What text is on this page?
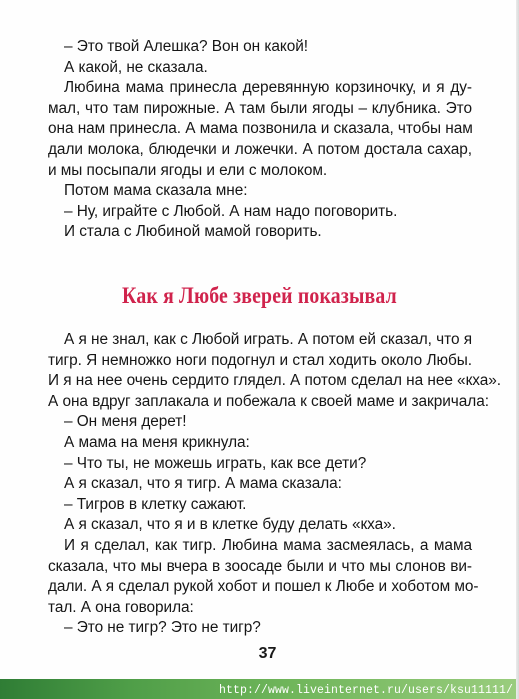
– Это твой Алешка? Вон он какой!
А какой, не сказала.
Любина мама принесла деревянную корзиночку, и я ду-
мал, что там пирожные. А там были ягоды – клубника. Это
она нам принесла. А мама позвонила и сказала, чтобы нам
дали молока, блюдечки и ложечки. А потом достала сахар,
и мы посыпали ягоды и ели с молоком.
Потом мама сказала мне:
– Ну, играйте с Любой. А нам надо поговорить.
И стала с Любиной мамой говорить.
Как я Любе зверей показывал
А я не знал, как с Любой играть. А потом ей сказал, что я
тигр. Я немножко ноги подогнул и стал ходить около Любы.
И я на нее очень сердито глядел. А потом сделал на нее «кха».
А она вдруг заплакала и побежала к своей маме и закричала:
– Он меня дерет!
А мама на меня крикнула:
– Что ты, не можешь играть, как все дети?
А я сказал, что я тигр. А мама сказала:
– Тигров в клетку сажают.
А я сказал, что я и в клетке буду делать «кха».
И я сделал, как тигр. Любина мама засмеялась, а мама
сказала, что мы вчера в зоосаде были и что мы слонов ви-
дали. А я сделал рукой хобот и пошел к Любе и хоботом мо-
тал. А она говорила:
– Это не тигр? Это не тигр?
37
http://www.liveinternet.ru/users/ksu11111/
